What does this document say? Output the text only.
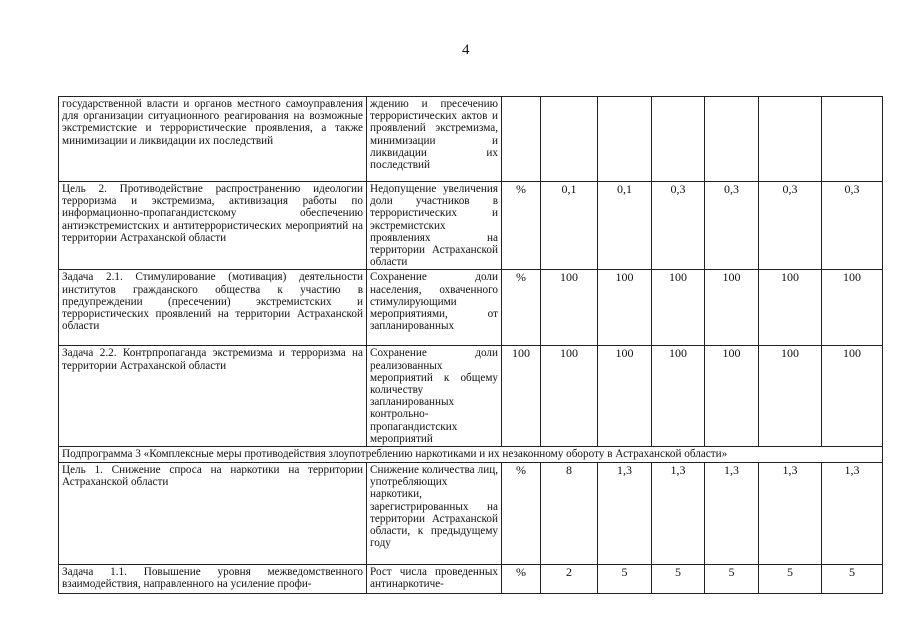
4
государственной власти и органов местного самоуправления для организации ситуационного реагирования на возможные экстремистские и террористические проявления, а также минимизации и ликвидации их последствий	ждению и пресечению террористических актов и проявлений экстремизма, минимизации и ликвидации их последствий							
Цель 2. Противодействие распространению идеологии терроризма и экстремизма, активизация работы по информационно-пропагандистскому обеспечению антиэкстремистских и антитеррористических мероприятий на территории Астраханской области	Недопущение увеличения доли участников в террористических и экстремистских проявлениях на территории Астраханской области	%	0,1	0,1	0,3	0,3	0,3	0,3
Задача 2.1. Стимулирование (мотивация) деятельности институтов гражданского общества к участию в предупреждении (пресечении) экстремистских и террористических проявлений на территории Астраханской области	Сохранение доли населения, охваченного стимулирующими мероприятиями, от запланированных	%	100	100	100	100	100	100
Задача 2.2. Контрпропаганда экстремизма и терроризма на территории Астраханской области	Сохранение доли реализованных мероприятий к общему количеству запланированных контрольно-пропагандистских мероприятий	100	100	100	100	100	100	100
Подпрограмма 3 «Комплексные меры противодействия злоупотреблению наркотиками и их незаконному обороту в Астраханской области»								
Цель 1. Снижение спроса на наркотики на территории Астраханской области	Снижение количества лиц, употребляющих наркотики, зарегистрированных на территории Астраханской области, к предыдущему году	%	8	1,3	1,3	1,3	1,3	1,3
Задача 1.1. Повышение уровня межведомственного взаимодействия, направленного на усиление профи-	Рост числа проведенных антинаркотиче-	%	2	5	5	5	5	5
